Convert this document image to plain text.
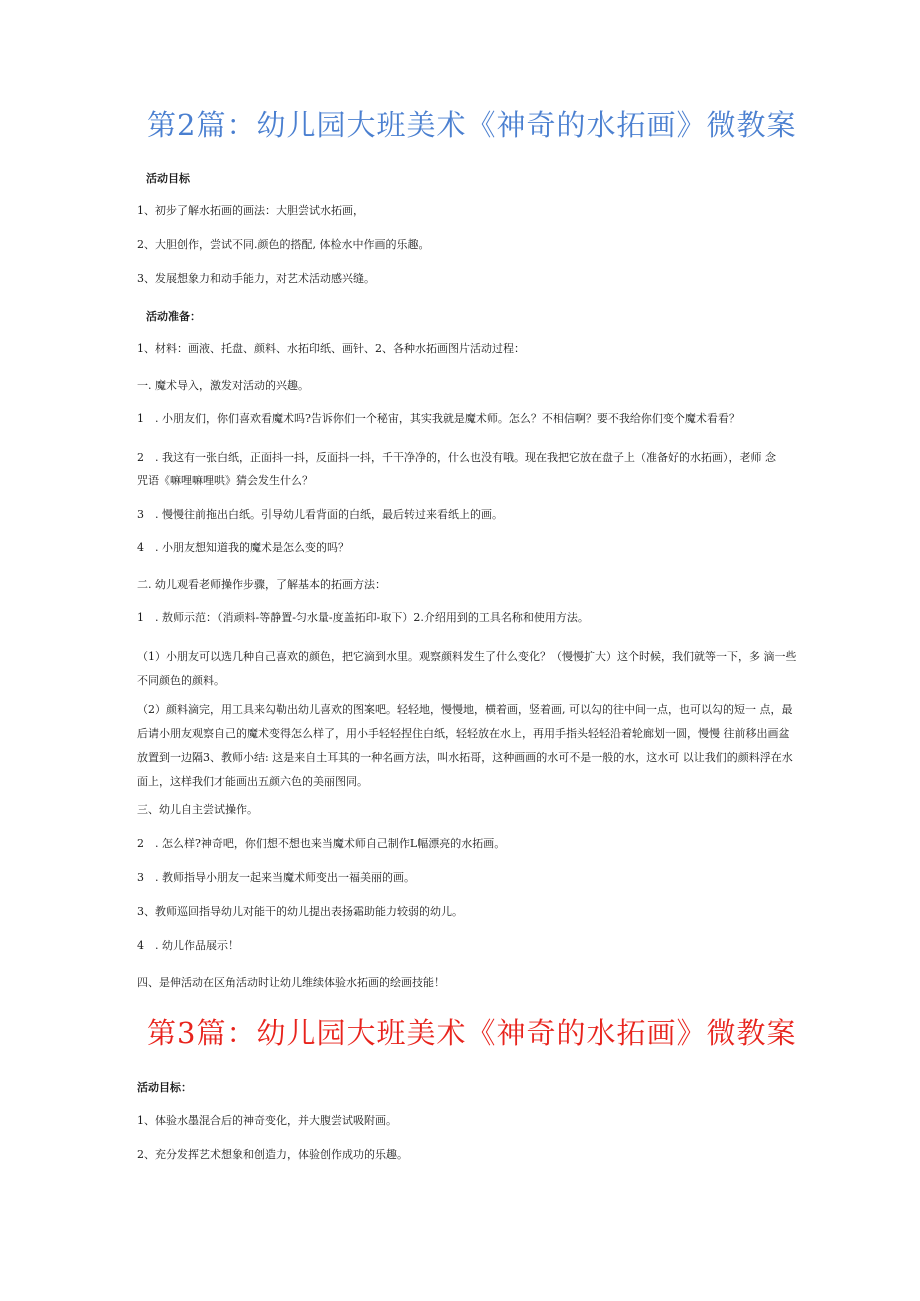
第2篇：幼儿园大班美术《神奇的水拓画》微教案
活动目标
1、初步了解水拓画的画法：大胆尝试水拓画，
2、大胆创作，尝试不同.颜色的搭配, 体检水中作画的乐趣。
3、发展想象力和动手能力，对艺术活动感兴缝。
活动准备：
1、材料：画液、托盘、颜料、水拓印纸、画针、2、各种水拓画图片活动过程：
一. 魔术导入，激发对活动的兴趣。
1 . 小朋友们，你们喜欢看魔术吗?告诉你们一个秘宙，其实我就是魔术师。怎么？不相信啊？要不我给你们变个魔术看看？
2 . 我这有一张白纸，正面抖一抖，反面抖一抖，千干净净的，什么也没有哦。现在我把它放在盘子上（准备好的水拓画），老师 念
咒语《嘛哩嘛哩哄》猜会发生什么？
3 . 慢慢往前拖出白纸。引导幼儿看背面的白纸，最后转过来看纸上的画。
4 . 小朋友想知道我的魔术是怎么变的吗？
二. 幼儿观看老师操作步骤，了解基本的拓画方法：
1 . 敖师示范：（消顽料-等静置-匀水量-度盖拓印-取下）2.介绍用到的工具名称和使用方法。
（1）小朋友可以选几种自己喜欢的颜色，把它滴到水里。观察颜料发生了什么变化？（慢慢扩大）这个时候，我们就等一下，多 滴一些
不同颜色的颜料。
（2）颜料滴完，用工具来勾勒出幼儿喜欢的图案吧。轻轻地，慢慢地，横着画，竖着画, 可以勾的往中间一点，也可以勾的短一 点，最
后请小朋友观察自己的魔术变得怎么样了，用小手轻轻捏住白纸，轻轻放在水上，再用手指头轻轻沿着轮廊划一圆，慢慢 往前移出画盆
放置到一边隔3、教师小结: 这是来自土耳其的一种名画方法，叫水拓哥，这种画画的水可不是一般的水，这水可 以让我们的颜料浮在水
面上，这样我们才能画出五颜六色的美丽图同。
三、幼儿自主尝试操作。
2 . 怎么样?神奇吧，你们想不想也来当魔术师自己制作L幅漂亮的水拓画。
3 . 教师指导小朋友一起来当魔术师变出一福美丽的画。
3、教师巡回指导幼儿对能干的幼儿提出表扬霜助能力较弱的幼儿。
4 . 幼儿作品展示！
四、是伸活动在区角活动时让幼儿维续体验水拓画的绘画技能！
第3篇：幼儿园大班美术《神奇的水拓画》微教案
活动目标：
1、体验水墨混合后的神奇变化，并大腹尝试吸附画。
2、充分发挥艺术想象和创造力，体验创作成功的乐趣。
